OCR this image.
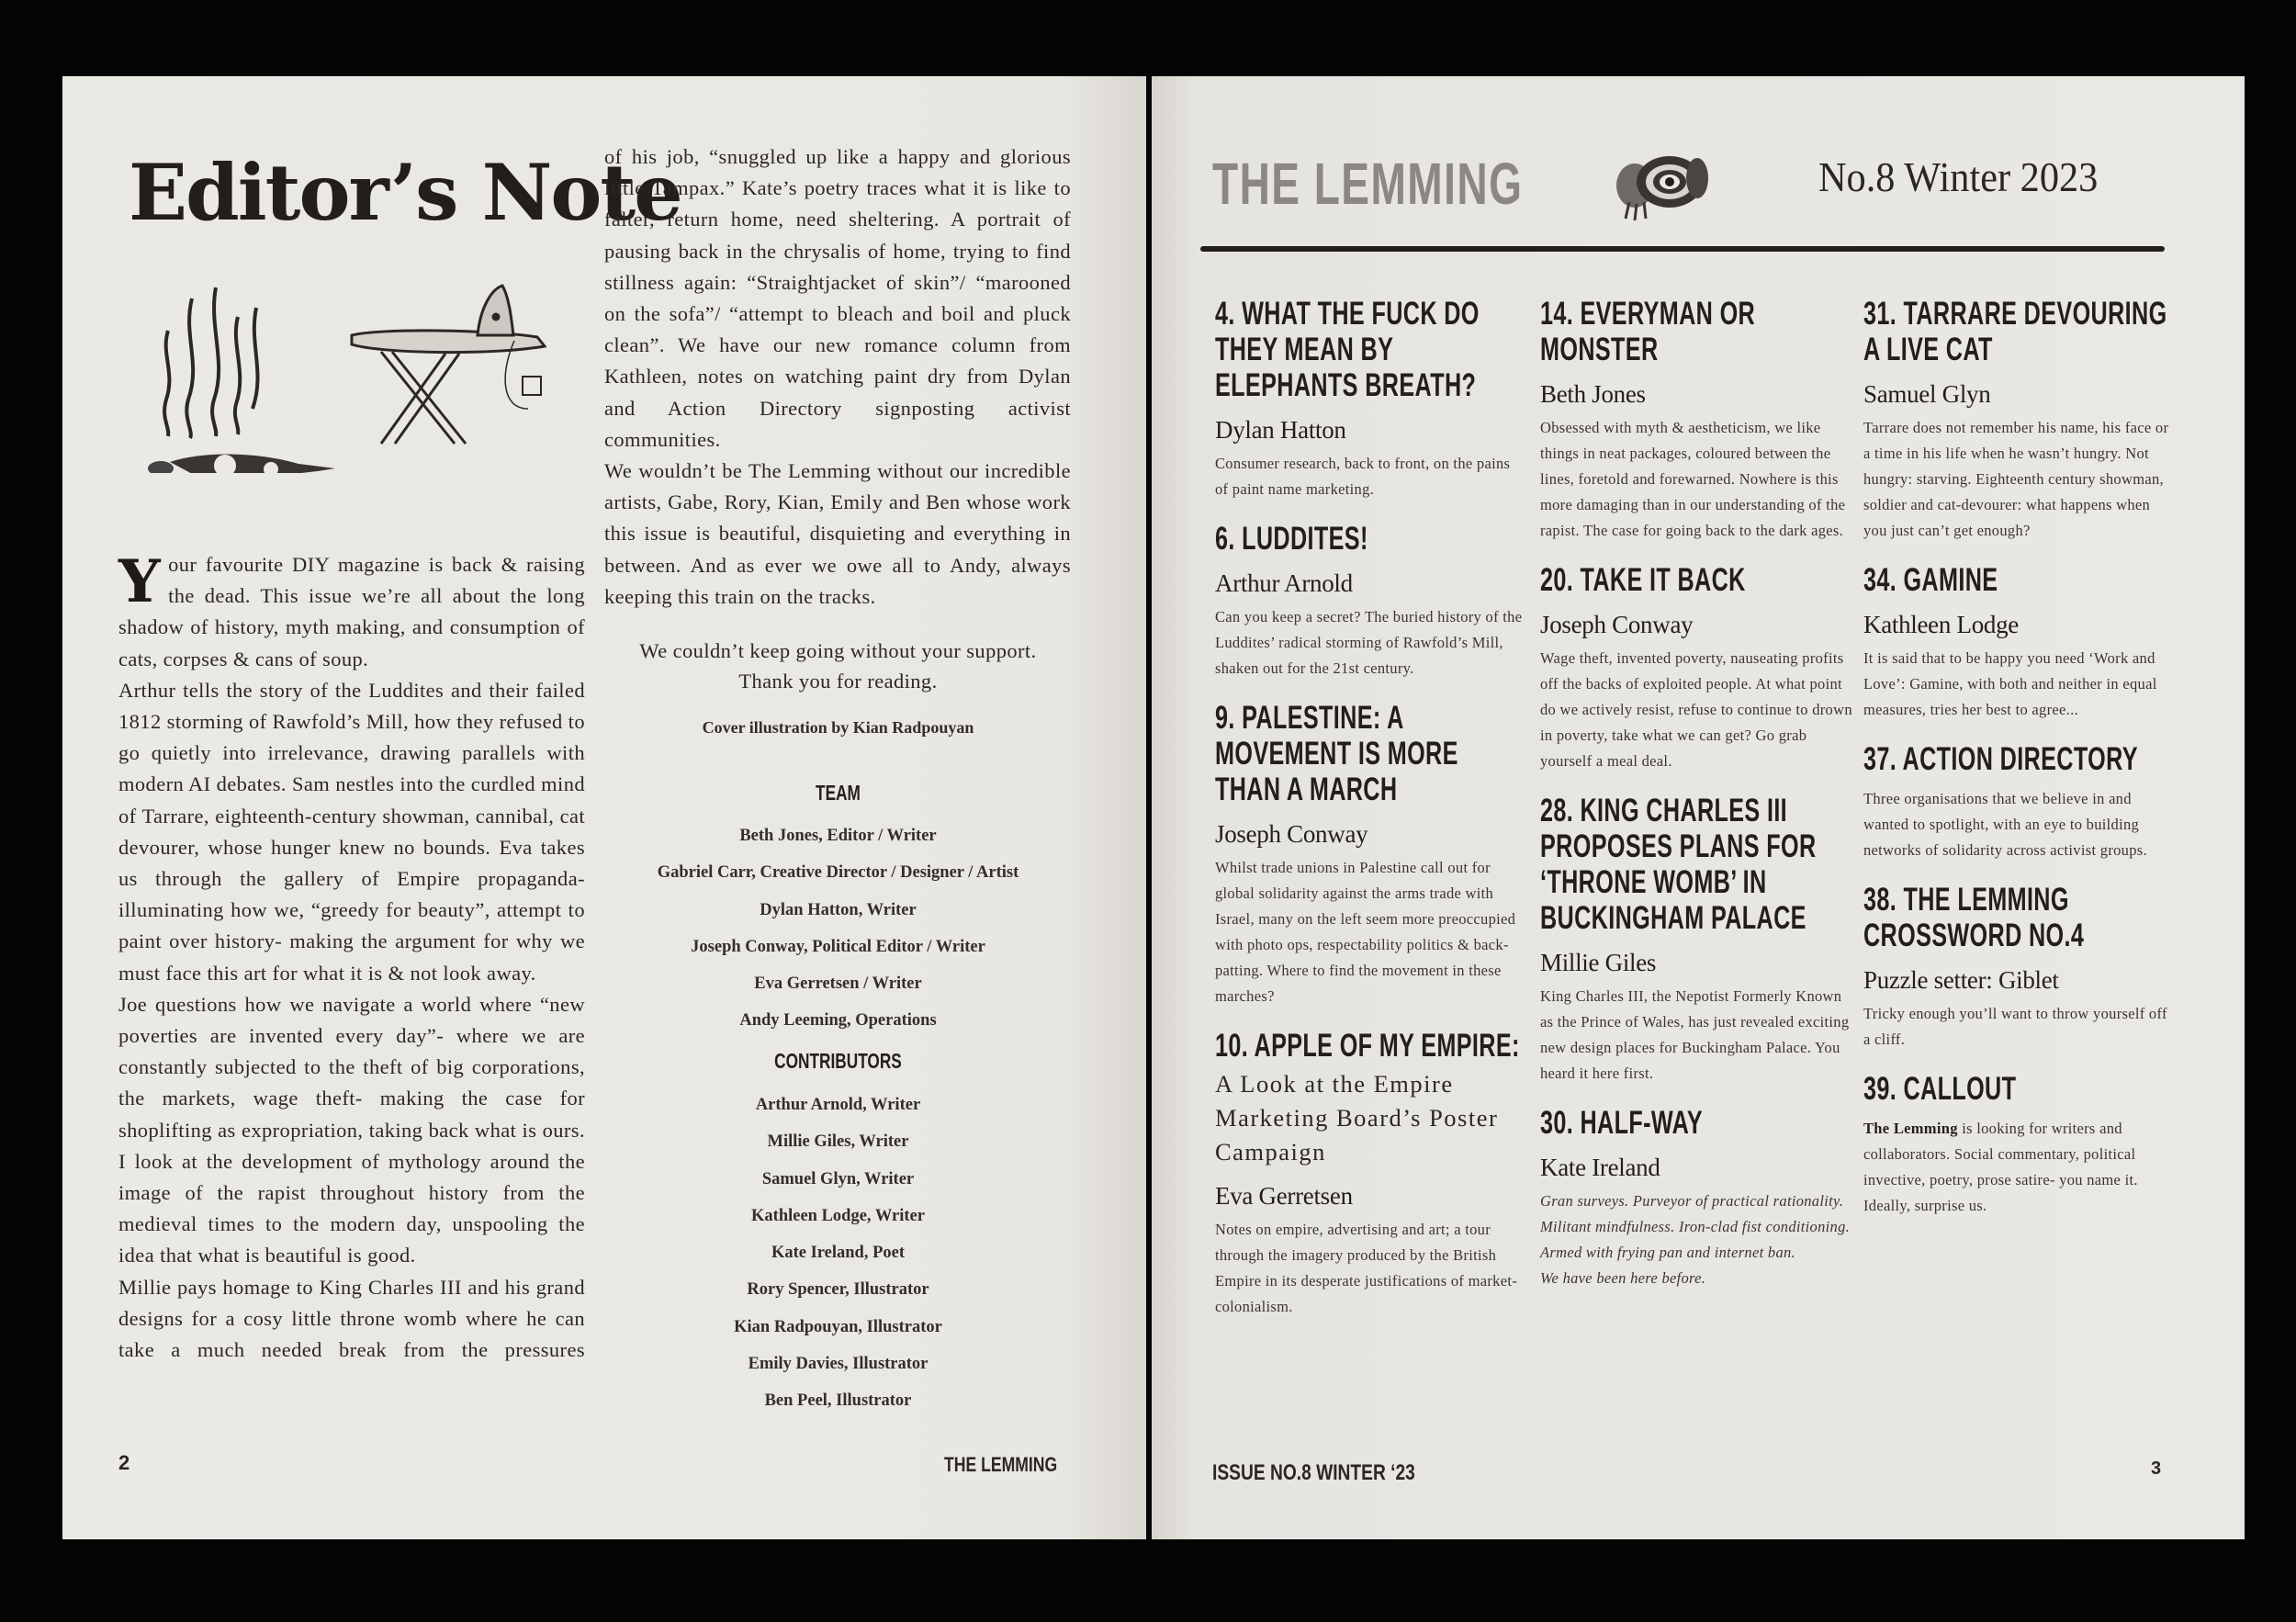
Editor’s Note

Your favourite DIY magazine is back & raising the dead. This issue we’re all about the long shadow of history, myth making, and consumption of cats, corpses & cans of soup.

Arthur tells the story of the Luddites and their failed 1812 storming of Rawfold’s Mill, how they refused to go quietly into irrelevance, drawing parallels with modern AI debates. Sam nestles into the curdled mind of Tarrare, eighteenth-century showman, cannibal, cat devourer, whose hunger knew no bounds. Eva takes us through the gallery of Empire propaganda- illuminating how we, “greedy for beauty”, attempt to paint over history- making the argument for why we must face this art for what it is & not look away.

Joe questions how we navigate a world where “new poverties are invented every day”- where we are constantly subjected to the theft of big corporations, the markets, wage theft- making the case for shoplifting as expropriation, taking back what is ours. I look at the development of mythology around the image of the rapist throughout history from the medieval times to the modern day, unspooling the idea that what is beautiful is good.

Millie pays homage to King Charles III and his grand designs for a cosy little throne womb where he can take a much needed break from the pressures

of his job, “snuggled up like a happy and glorious little Tampax.” Kate’s poetry traces what it is like to falter, return home, need sheltering. A portrait of pausing back in the chrysalis of home, trying to find stillness again: “Straightjacket of skin”/ “marooned on the sofa”/ “attempt to bleach and boil and pluck clean”. We have our new romance column from Kathleen, notes on watching paint dry from Dylan and Action Directory signposting activist communities.

We wouldn’t be The Lemming without our incredible artists, Gabe, Rory, Kian, Emily and Ben whose work this issue is beautiful, disquieting and everything in between. And as ever we owe all to Andy, always keeping this train on the tracks.

We couldn’t keep going without your support.
Thank you for reading.
Cover illustration by Kian Radpouyan
TEAM
Beth Jones, Editor / Writer
Gabriel Carr, Creative Director / Designer / Artist
Dylan Hatton, Writer
Joseph Conway, Political Editor / Writer
Eva Gerretsen / Writer
Andy Leeming, Operations
CONTRIBUTORS
Arthur Arnold, Writer
Millie Giles, Writer
Samuel Glyn, Writer
Kathleen Lodge, Writer
Kate Ireland, Poet
Rory Spencer, Illustrator
Kian Radpouyan, Illustrator
Emily Davies, Illustrator
Ben Peel, Illustrator
2	THE LEMMING
THE LEMMING	No.8 Winter 2023
4. WHAT THE FUCK DO THEY MEAN BY ELEPHANTS BREATH?
Dylan Hatton
Consumer research, back to front, on the pains of paint name marketing.
6. LUDDITES!
Arthur Arnold
Can you keep a secret? The buried history of the Luddites’ radical storming of Rawfold’s Mill, shaken out for the 21st century.
9. PALESTINE: A MOVEMENT IS MORE THAN A MARCH
Joseph Conway
Whilst trade unions in Palestine call out for global solidarity against the arms trade with Israel, many on the left seem more preoccupied with photo ops, respectability politics & back-patting. Where to find the movement in these marches?
10. APPLE OF MY EMPIRE:
A Look at the Empire Marketing Board’s Poster Campaign
Eva Gerretsen
Notes on empire, advertising and art; a tour through the imagery produced by the British Empire in its desperate justifications of market-colonialism.
14. EVERYMAN OR MONSTER
Beth Jones
Obsessed with myth & aestheticism, we like things in neat packages, coloured between the lines, foretold and forewarned. Nowhere is this more damaging than in our understanding of the rapist. The case for going back to the dark ages.
20. TAKE IT BACK
Joseph Conway
Wage theft, invented poverty, nauseating profits off the backs of exploited people. At what point do we actively resist, refuse to continue to drown in poverty, take what we can get? Go grab yourself a meal deal.
28. KING CHARLES III PROPOSES PLANS FOR ‘THRONE WOMB’ IN BUCKINGHAM PALACE
Millie Giles
King Charles III, the Nepotist Formerly Known as the Prince of Wales, has just revealed exciting new design places for Buckingham Palace. You heard it here first.
30. HALF-WAY
Kate Ireland
Gran surveys. Purveyor of practical rationality. Militant mindfulness. Iron-clad fist conditioning. Armed with frying pan and internet ban.
We have been here before.
31. TARRARE DEVOURING A LIVE CAT
Samuel Glyn
Tarrare does not remember his name, his face or a time in his life when he wasn’t hungry. Not hungry: starving. Eighteenth century showman, soldier and cat-devourer: what happens when you just can’t get enough?
34. GAMINE
Kathleen Lodge
It is said that to be happy you need ‘Work and Love’: Gamine, with both and neither in equal measures, tries her best to agree...
37. ACTION DIRECTORY
Three organisations that we believe in and wanted to spotlight, with an eye to building networks of solidarity across activist groups.
38. THE LEMMING CROSSWORD NO.4
Puzzle setter: Giblet
Tricky enough you’ll want to throw yourself off a cliff.
39. CALLOUT
The Lemming is looking for writers and collaborators. Social commentary, political invective, poetry, prose satire- you name it. Ideally, surprise us.
ISSUE NO.8 WINTER ‘23	3
